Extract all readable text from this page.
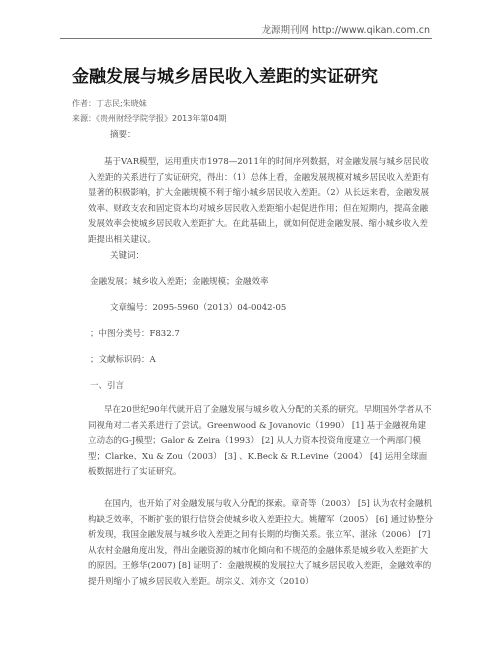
龙源期刊网 http://www.qikan.com.cn
金融发展与城乡居民收入差距的实证研究
作者：丁志民;朱晓妹
来源：《贵州财经学院学报》2013年第04期
摘要：

基于VAR模型，运用重庆市1978—2011年的时间序列数据，对金融发展与城乡居民收入差距的关系进行了实证研究，得出：（1）总体上看，金融发展规模对城乡居民收入差距有显著的积极影响，扩大金融规模不利于缩小城乡居民收入差距。（2）从长远来看，金融发展效率、财政支农和固定资本均对城乡居民收入差距缩小起促进作用；但在短期内，提高金融发展效率会使城乡居民收入差距扩大。在此基础上，就如何促进金融发展、缩小城乡收入差距提出相关建议。

关键词：
金融发展；城乡收入差距；金融规模；金融效率
文章编号：2095-5960（2013）04-0042-05
；中图分类号：F832.7
；文献标识码：A
一、引言

早在20世纪90年代就开启了金融发展与城乡收入分配的关系的研究。早期国外学者从不同视角对二者关系进行了尝试。Greenwood & Jovanovic（1990） [1] 基于金融视角建立动态的G-J模型；Galor & Zeira（1993） [2] 从人力资本投资角度建立一个两部门模型；Clarke、Xu & Zou（2003） [3] 、K.Beck & R.Levine（2004） [4] 运用全球面板数据进行了实证研究。

在国内，也开始了对金融发展与收入分配的探索。章奇等（2003） [5] 认为农村金融机构缺乏效率，不断扩张的银行信贷会使城乡收入差距拉大。姚耀军（2005） [6] 通过协整分析发现，我国金融发展与城乡收入差距之间有长期的均衡关系。张立军、湛泳（2006） [7] 从农村金融角度出发，得出金融资源的城市化倾向和不规范的金融体系是城乡收入差距扩大的原因。王修华(2007) [8] 证明了：金融规模的发展拉大了城乡居民收入差距，金融效率的提升则缩小了城乡居民收入差距。胡宗义、刘亦文（2010）
